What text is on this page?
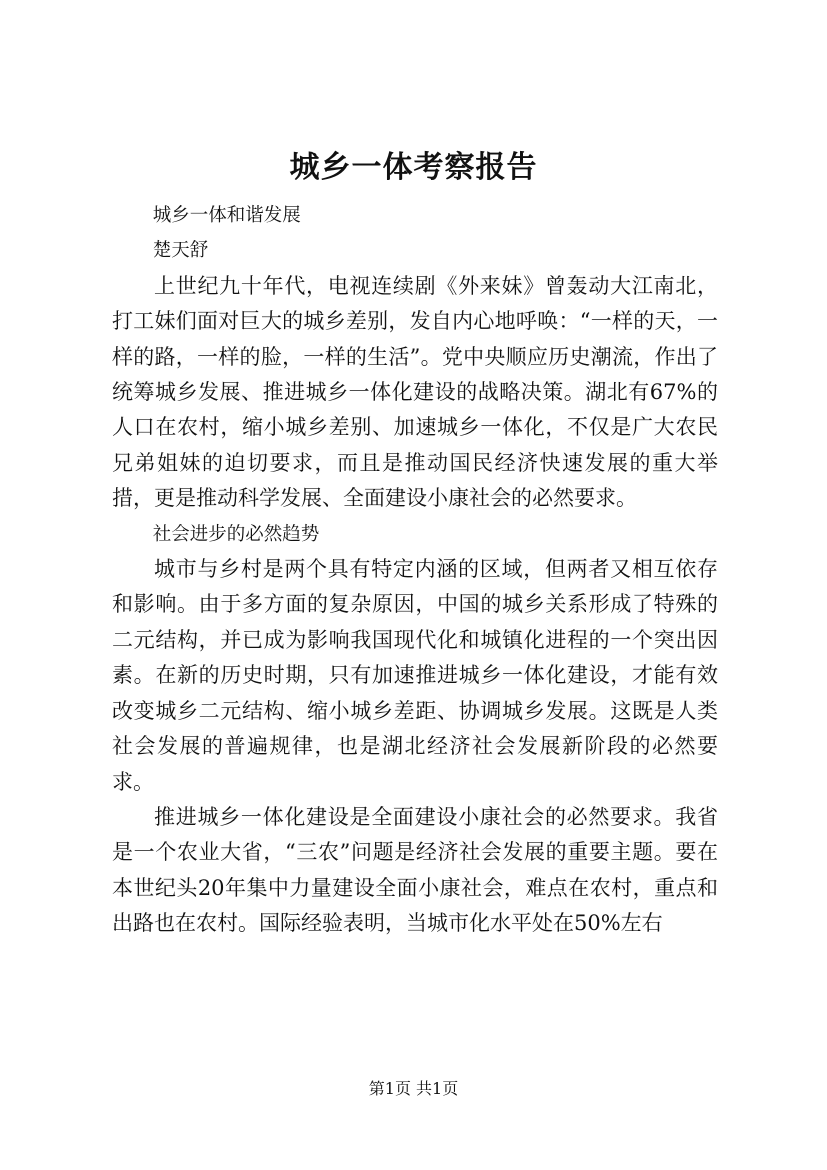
城乡一体考察报告

城乡一体和谐发展

楚天舒

上世纪九十年代，电视连续剧《外来妹》曾轰动大江南北，打工妹们面对巨大的城乡差别，发自内心地呼唤：“一样的天，一样的路，一样的脸，一样的生活”。党中央顺应历史潮流，作出了统筹城乡发展、推进城乡一体化建设的战略决策。湖北有67%的人口在农村，缩小城乡差别、加速城乡一体化，不仅是广大农民兄弟姐妹的迫切要求，而且是推动国民经济快速发展的重大举措，更是推动科学发展、全面建设小康社会的必然要求。

社会进步的必然趋势

城市与乡村是两个具有特定内涵的区域，但两者又相互依存和影响。由于多方面的复杂原因，中国的城乡关系形成了特殊的二元结构，并已成为影响我国现代化和城镇化进程的一个突出因素。在新的历史时期，只有加速推进城乡一体化建设，才能有效改变城乡二元结构、缩小城乡差距、协调城乡发展。这既是人类社会发展的普遍规律，也是湖北经济社会发展新阶段的必然要求。

推进城乡一体化建设是全面建设小康社会的必然要求。我省是一个农业大省，“三农”问题是经济社会发展的重要主题。要在本世纪头20年集中力量建设全面小康社会，难点在农村，重点和出路也在农村。国际经验表明，当城市化水平处在50%左右

第1页 共1页
